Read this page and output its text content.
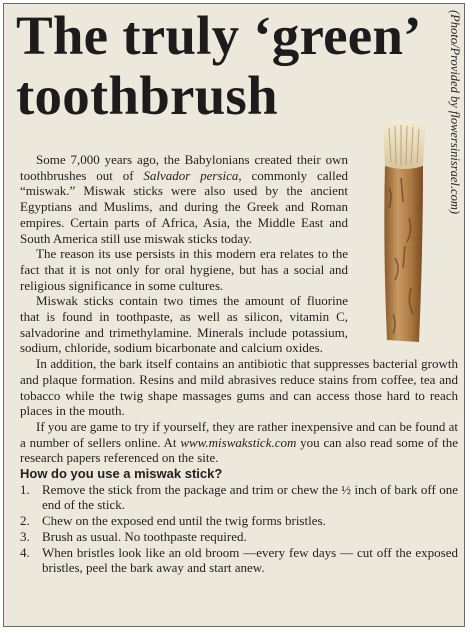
The truly ‘green’
toothbrush	(Photo/Provided by flowersinisrael.com)

Some 7,000 years ago, the Babylonians created their own toothbrushes out of Salvador persica, commonly called “miswak.” Miswak sticks were also used by the ancient Egyptians and Muslims, and during the Greek and Roman empires. Certain parts of Africa, Asia, the Middle East and South America still use miswak sticks today.

The reason its use persists in this modern era relates to the fact that it is not only for oral hygiene, but has a social and religious significance in some cultures.

Miswak sticks contain two times the amount of fluorine that is found in toothpaste, as well as silicon, vitamin C, salvadorine and trimethylamine. Minerals include potassium, sodium, chloride, sodium bicarbonate and calcium oxides.

In addition, the bark itself contains an antibiotic that suppresses bacterial growth and plaque formation. Resins and mild abrasives reduce stains from coffee, tea and tobacco while the twig shape massages gums and can access those hard to reach places in the mouth.

If you are game to try if yourself, they are rather inexpensive and can be found at a number of sellers online. At www.miswakstick.com you can also read some of the research papers referenced on the site.

How do you use a miswak stick?

1. Remove the stick from the package and trim or chew the ½ inch of bark off one end of the stick.
2. Chew on the exposed end until the twig forms bristles.
3. Brush as usual. No toothpaste required.
4. When bristles look like an old broom —every few days — cut off the exposed bristles, peel the bark away and start anew.
